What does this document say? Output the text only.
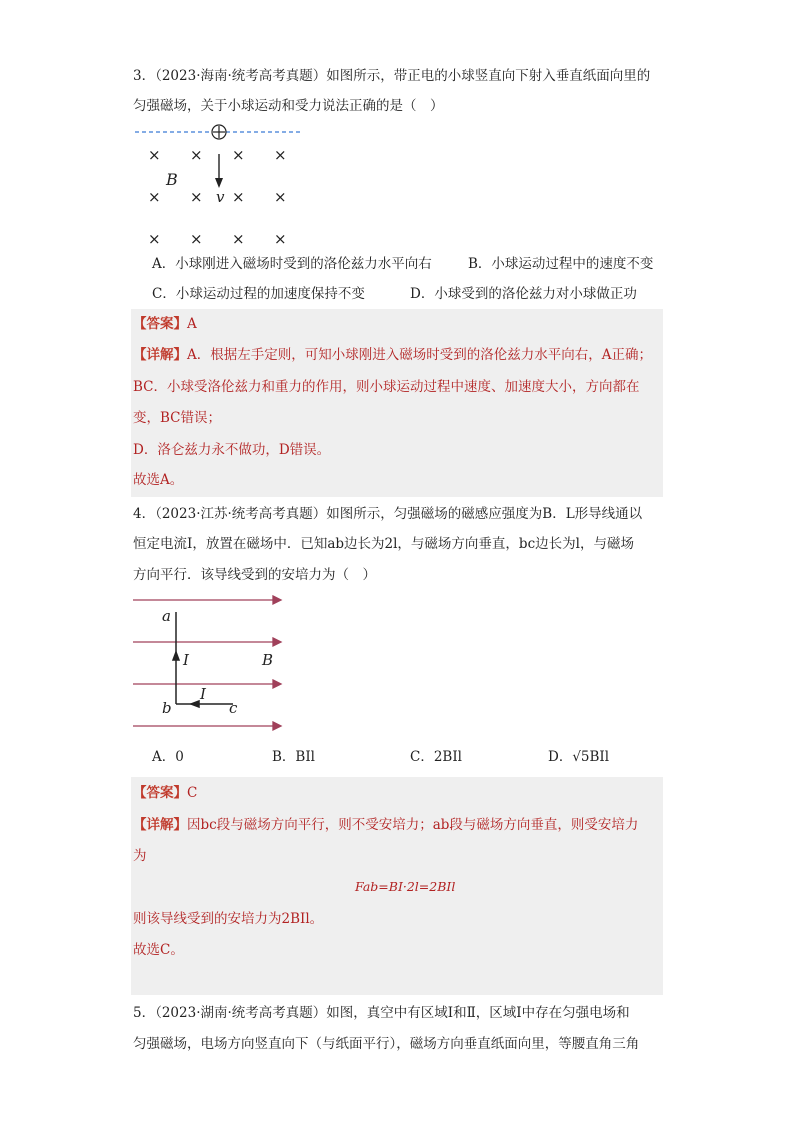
3．（2023·海南·统考高考真题）如图所示，带正电的小球竖直向下射入垂直纸面向里的
匀强磁场，关于小球运动和受力说法正确的是（　）
× × × ×
× × × ×
× × × ×
B
v
A．小球刚进入磁场时受到的洛伦兹力水平向右	B．小球运动过程中的速度不变
C．小球运动过程的加速度保持不变	D．小球受到的洛伦兹力对小球做正功
【答案】A
【详解】A．根据左手定则，可知小球刚进入磁场时受到的洛伦兹力水平向右，A正确；
BC．小球受洛伦兹力和重力的作用，则小球运动过程中速度、加速度大小，方向都在
变，BC错误；
D．洛仑兹力永不做功，D错误。
故选A。
4．（2023·江苏·统考高考真题）如图所示，匀强磁场的磁感应强度为B．L形导线通以
恒定电流I，放置在磁场中．已知ab边长为2l，与磁场方向垂直，bc边长为l，与磁场
方向平行．该导线受到的安培力为（　）
a
I	B
I
b	c
A．0	B．BIl	C．2BIl	D．√5BIl
【答案】C
【详解】因bc段与磁场方向平行，则不受安培力；ab段与磁场方向垂直，则受安培力
为
Fab=BI·2l=2BIl
则该导线受到的安培力为2BIl。
故选C。
5．（2023·湖南·统考高考真题）如图，真空中有区域Ⅰ和Ⅱ，区域Ⅰ中存在匀强电场和
匀强磁场，电场方向竖直向下（与纸面平行），磁场方向垂直纸面向里，等腰直角三角
